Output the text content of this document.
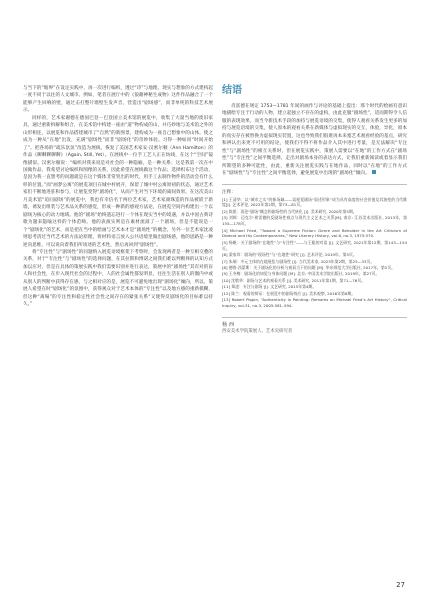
与当下的“缩界”在设定实践中，再一次进行编织，透过“诗”与地理、现实与想象的方式建构起一度不同于以往的人文城市。例如，笔者在展厅中的《狼藉神秘生成物》这件作品融合了一个能够产生回响的壁，通过击打整片墙壁生发声音，营造出“剧场感”，而非单纯的科技艺术展示。

同样的，艺术家谢德在德国巴登－巴登国立美术馆的展览中，收集了大量当地的废旧家具，通过重新拆解和组合，在美术馆中构建一座由“道”物构成的山，并巧妙地与美术馆之外的山形相连，以展览和作品搭建城市了“自然”的新图景，建构成为一座自己想象中的山体。使之成为一种从“在地”出发，充满“剧场性”而非“剧场化”的奇妙体验。习得一种如同“时间开始了”。把各场的“疏乐氛氛”改造为展线，恢复了美国艺术家安·汉密尔顿（Ann Hamilton）的作品《聊聊聊聊聊》（Again, Still, Yet）。在展线中一位手工艺人正在纺线，在这个“空间”镜像描似。汉密尔顿说：“编织对我来说是对社会的一种隐喻，是一种关系；这是我第一次在中国做作品，我希望讨论编织和图像的关系，因此希望在展线做这个作品；选择织布这个活动，是因为我一直想考的问题就是在这个媒体非常突出的时代，用手工去制作物件的活动会有什么样的位置。”而“画梦公寓”的展览项目在城中村展开，保留了城中村公寓原初的状态，通过艺术家们不断地进驻和参与，让展览变得“剧场化”，从而产生对当下环境的离间效果。在这次美山月美术馆“追问剧场”的展览中，我也有幸信名于两位艺术家，艺术家颜珠造的作品被嵌于新墙，诱发出组装与艺术品关系的感觉，形成一种新的感观方法论，在展览空间内构建出一个以剧场为核心的动力地域。他的“剧场”始终遗忘进行一个体在现实当中的境遇，并以中国古典诗歌为题来隐喻这样的个体范畴。他的表演实则是在素材流溢了一个剧场，但是不能说是一个“剧场化”的艺术，而是把在当中的绘画与艺术本才是“剧场性”的概念，另外一位艺术家沈凌则思考清过当代艺术的方法论原理，将材料语言放入公共语境里做出剧场感，他的思路是一种逆向思维，可以说向着我们所谈述的艺术性，然后再回到“剧场性”。

将“专注性”与“剧场性”的问题纳入展览语境框架下考察时，会发现两者是一种互相交叠的关系，对于“专注性”与“剧场性”的选择问题，在其拉斯和博诺之间我们难以判断择的认知方式加以应对，但是在具体的策展实践中我们需要识别并进行表达，策展中的“剧场性”其有对的盲人和社会性，在步入现代社会的过程中，人的社会属性都发明显，往往生活在别人的圈内中或从别人的判断中获得存在感，与之相对应的是，展览不可避免地出现“剧场化”倾向，所以，策展人希望在时“剧场化”的氛围中，获得观众对于艺术本体的“专注性”以及地方感的重新模糊，但这种“离場”的专注性和稳定性社会性之间存在的紧张关系“又使得反剧场化的目标难以持久。”

结语

肖富德在规定 1753—1781 年间的画作与评论的基础上提出：那个时代的绘画有意识地描绘专注于行动的人物，建立起独立不存在的虚构，由此克服“剧场性”，适而期得令人信服的表现效果，而当今新技术手段的加持与展览语境的交集，使得人观看关系发生更多的加持与展览语境的交集，使人原本的观看关系在新媒体与虚拟现实的交互，体验，异化，原本的真实存在被替换为虚拟现实装置，这也导致我们很难再本来塞艺术观看经验的基点，研究和辨认出来更不可用的结论，使我们不得不将作品介入其中进行考量，是无法解决“专注性”与“剧场性”的相互关系时，但在展览实践中，策展人需要以“在地”的工作方式在“剧场性”与“专注性”之间平衡选择，走出对剧场本身的表达方式，让我们重新阅读或着显示我们所期望的多种可能性，由此，重新关注展览实践与在地作品，同时以“在地”的工作方式在“剧场性”与“专注性”之间平衡选择，避免展览中出现的“剧场化”倾向。

注释：
[1] 王清华：以“城市之实”的新场域——谈视觉剧场“叙述形象”成为具有高度的社会价值及其演变的当代维度[J]. 艺术评论, 2022年第2期，第73—81页。
[2] 陈凯：再论“剧场”概念和剧场性的当代转化 [J]. 美术研究, 2020年第5期。
[3] 刘辉：迈克尔·弗雷德的反剧场性观点与现代主义艺术之关系[M]. 南京: 江苏美术出版社, 2013年，第155—178页。
[4] Michael Fried, “Toward a Supreme Fiction: Genre and Beholder in the Art Criticism of Diderot and His Contemporaries,” New Literary History, vol.6, no.3, 1975:570.
[5] 杨帆：关于剧场的“在地性”与“专注性”——与王聪的对谈 [J]. 文艺研究, 2021年第12期，第143—154页。
[6] 梁家玮：剧场的“现场性”与“在地性”研究 [J]. 艺术评论, 2019年，第5页。
[7] 朱瑞：多元主体的在地展览与剧场性 [J]. 当代美术家, 2023年第2期，第25—33页。
[8] 德鲁·西蒙斯：关于剧场化的分析与观看当下的问题 [M]. 华东师范大学出版社, 2017年，第5页。
[9] 王冬梅：剧场化的知觉与身体问题 [M]. 北京: 中国美术学院出版社, 2019年，第27页。
[10] 沈敬华：剧场与艺术的观看关系 [J]. 美术研究, 2011年第1期，第71—76页。
[11] 郑凌：专注与剧场 [J]. 文艺研究, 2015年第4期。
[12] 陈兰：观看的辩证：在展览中的剧场效应 [J]. 美术观察, 2016年第8期。
[13] Robert Pippin, “Authenticity in Painting: Remarks on Michael Fried’s Art History”, Critical Inquiry, vol.31, no.3, 2005:581–594.
杨 西
西安美术学院策展人、艺术史研究者
27
